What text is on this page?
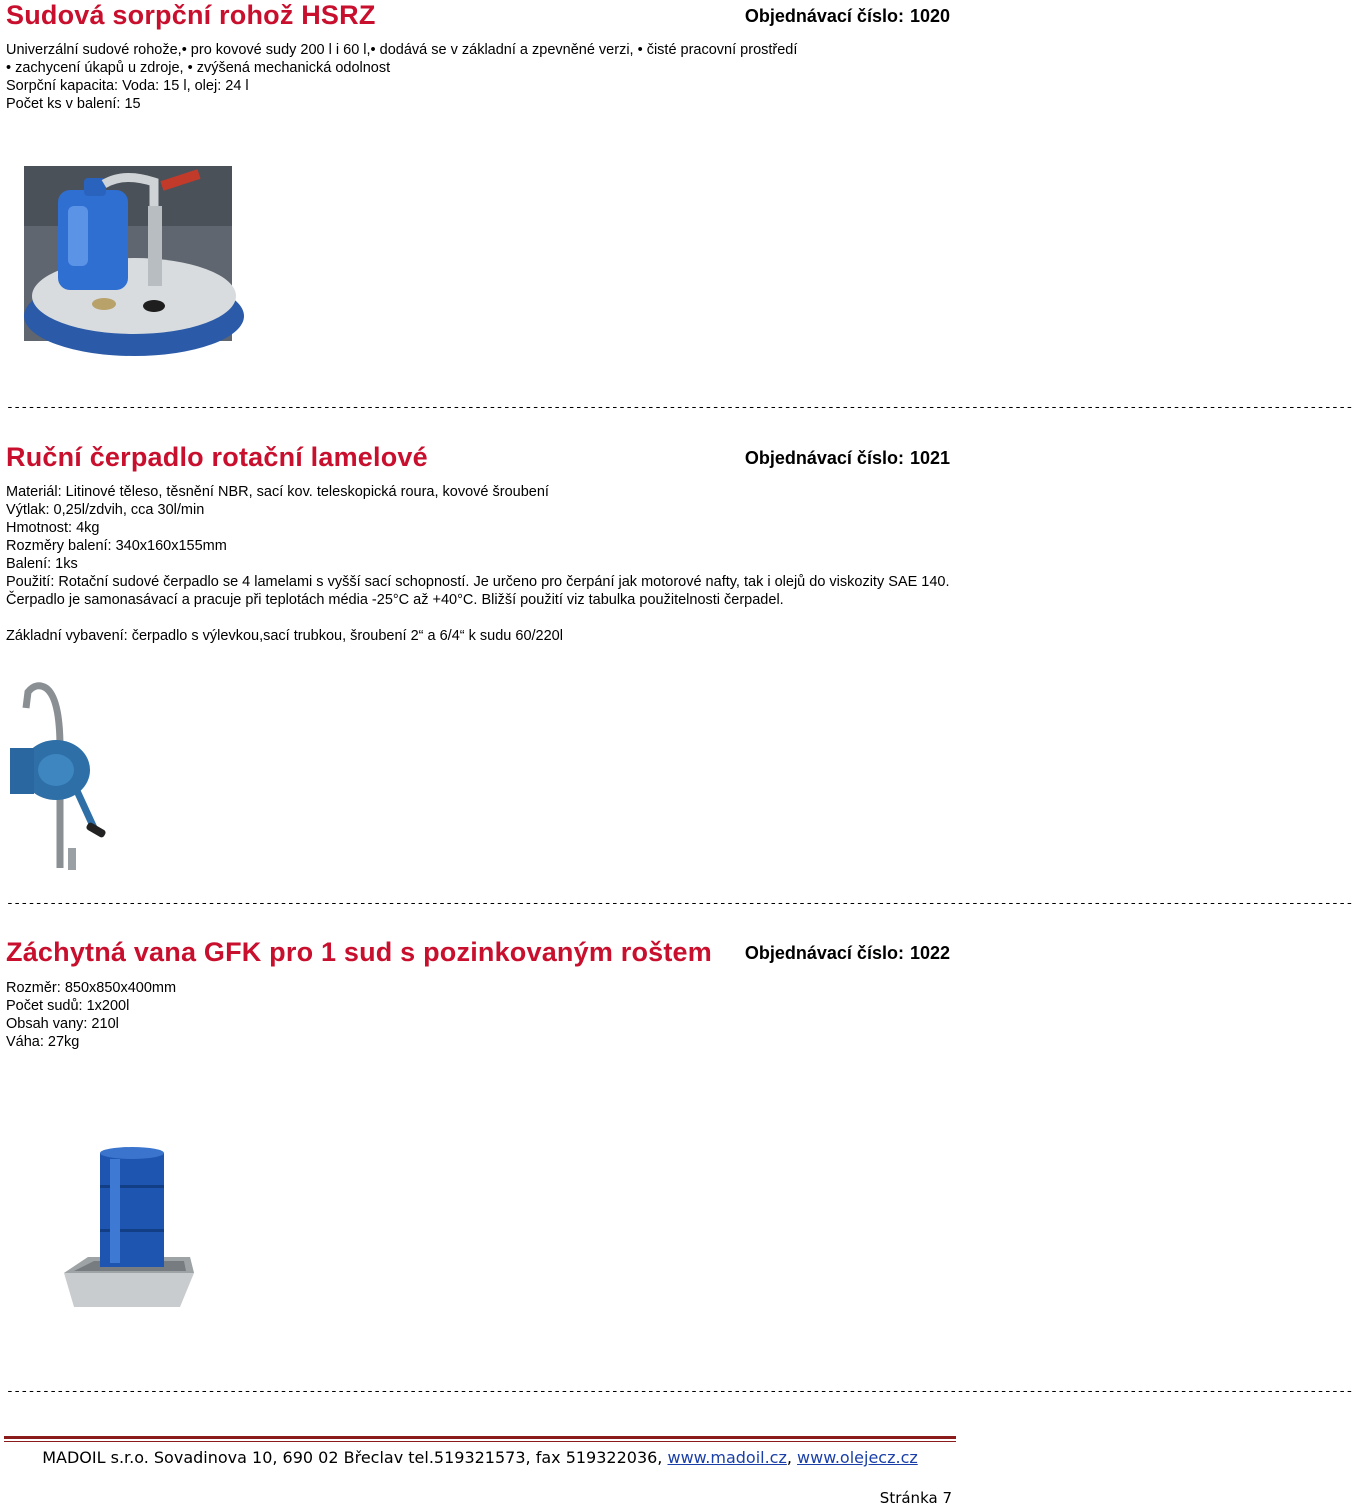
Sudová sorpční rohož HSRZ	Objednávací číslo: 1020
Univerzální sudové rohože,• pro kovové sudy 200 l i 60 l,• dodává se v základní a zpevněné verzi, • čisté pracovní prostředí
• zachycení úkapů u zdroje, • zvýšená mechanická odolnost
Sorpční kapacita: Voda: 15 l, olej: 24 l
Počet ks v balení: 15
-------------------------------------------------------------------------------------------------------------------------------------------------------------------------------------------
Ruční čerpadlo rotační lamelové	Objednávací číslo: 1021
Materiál: Litinové těleso, těsnění NBR, sací kov. teleskopická roura, kovové šroubení
Výtlak: 0,25l/zdvih, cca 30l/min
Hmotnost: 4kg
Rozměry balení: 340x160x155mm
Balení: 1ks
Použití: Rotační sudové čerpadlo se 4 lamelami s vyšší sací schopností. Je určeno pro čerpání jak motorové nafty, tak i olejů do viskozity SAE 140. Čerpadlo je samonasávací a pracuje při teplotách média -25°C až +40°C. Bližší použití viz tabulka použitelnosti čerpadel.
Základní vybavení: čerpadlo s výlevkou,sací trubkou, šroubení 2“ a 6/4“ k sudu 60/220l
-------------------------------------------------------------------------------------------------------------------------------------------------------------------------------------------
Záchytná vana GFK pro 1 sud s pozinkovaným roštem Objednávací číslo: 1022
Rozměr: 850x850x400mm
Počet sudů: 1x200l
Obsah vany: 210l
Váha: 27kg
-------------------------------------------------------------------------------------------------------------------------------------------------------------------------------------------
MADOIL s.r.o. Sovadinova 10, 690 02 Břeclav tel.519321573, fax 519322036, www.madoil.cz, www.olejecz.cz
Stránka 7
